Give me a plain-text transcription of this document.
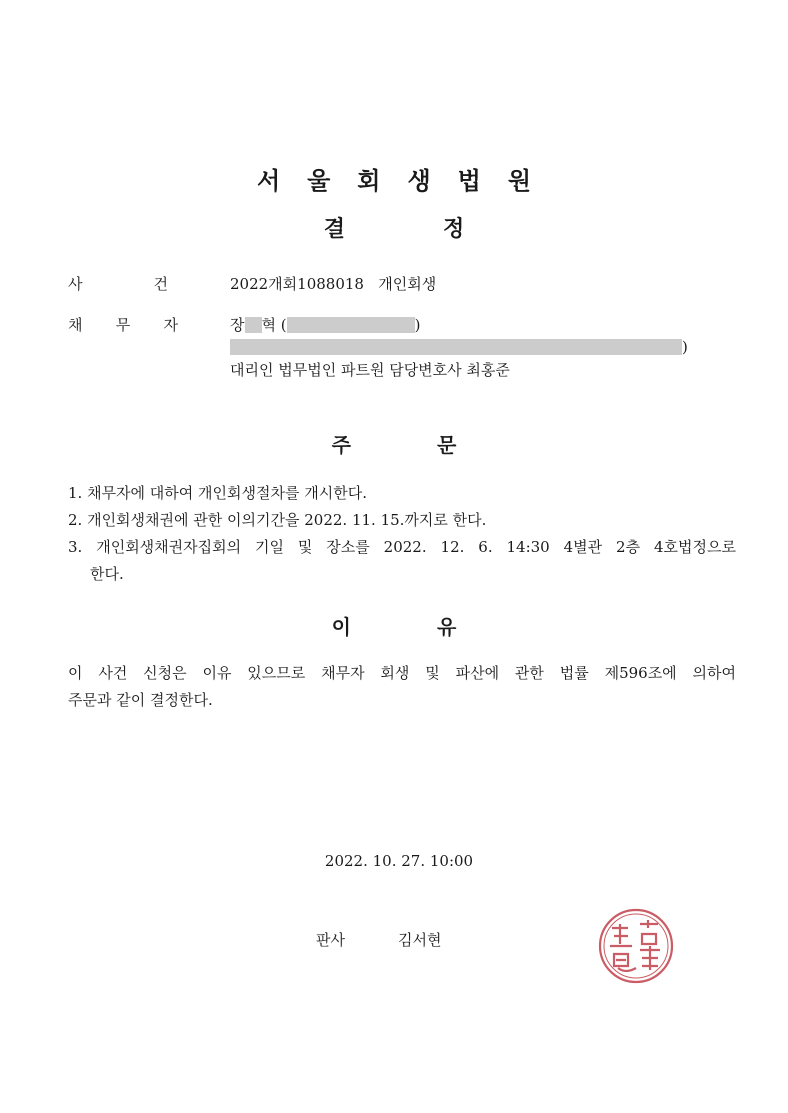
서울회생법원
결	정
사	건	2022개회1088018   개인회생
채 무 자	장 혁 (	)
)
대리인 법무법인 파트원 담당변호사 최홍준
주	문

1. 채무자에 대하여 개인회생절차를 개시한다.

2. 개인회생채권에 관한 이의기간을 2022. 11. 15.까지로 한다.

3. 개인회생채권자집회의 기일 및 장소를 2022. 12. 6. 14:30 4별관 2층 4호법정으로

한다.

이	유

이 사건 신청은 이유 있으므로 채무자 회생 및 파산에 관한 법률 제596조에 의하여

주문과 같이 결정한다.

2022. 10. 27. 10:00
판사	김서현
